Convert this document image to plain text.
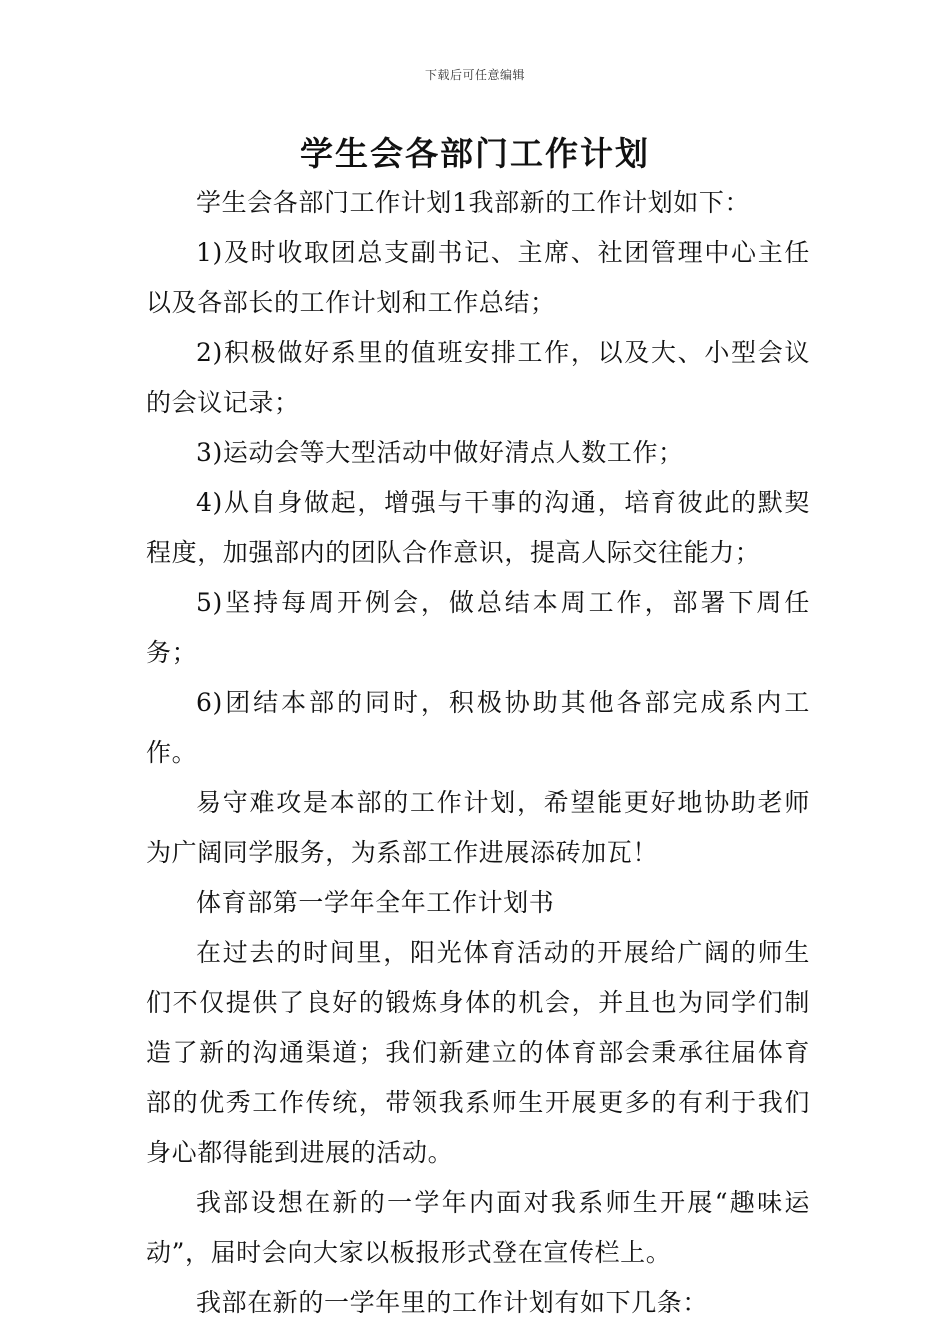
下载后可任意编辑
学生会各部门工作计划

学生会各部门工作计划1我部新的工作计划如下：

1)及时收取团总支副书记、主席、社团管理中心主任以及各部长的工作计划和工作总结；

2)积极做好系里的值班安排工作，以及大、小型会议的会议记录；

3)运动会等大型活动中做好清点人数工作；

4)从自身做起，增强与干事的沟通，培育彼此的默契程度，加强部内的团队合作意识，提高人际交往能力；

5)坚持每周开例会，做总结本周工作，部署下周任务；

6)团结本部的同时，积极协助其他各部完成系内工作。

易守难攻是本部的工作计划，希望能更好地协助老师为广阔同学服务，为系部工作进展添砖加瓦！

体育部第一学年全年工作计划书

在过去的时间里，阳光体育活动的开展给广阔的师生们不仅提供了良好的锻炼身体的机会，并且也为同学们制造了新的沟通渠道；我们新建立的体育部会秉承往届体育部的优秀工作传统，带领我系师生开展更多的有利于我们身心都得能到进展的活动。

我部设想在新的一学年内面对我系师生开展“趣味运动”，届时会向大家以板报形式登在宣传栏上。

我部在新的一学年里的工作计划有如下几条：
